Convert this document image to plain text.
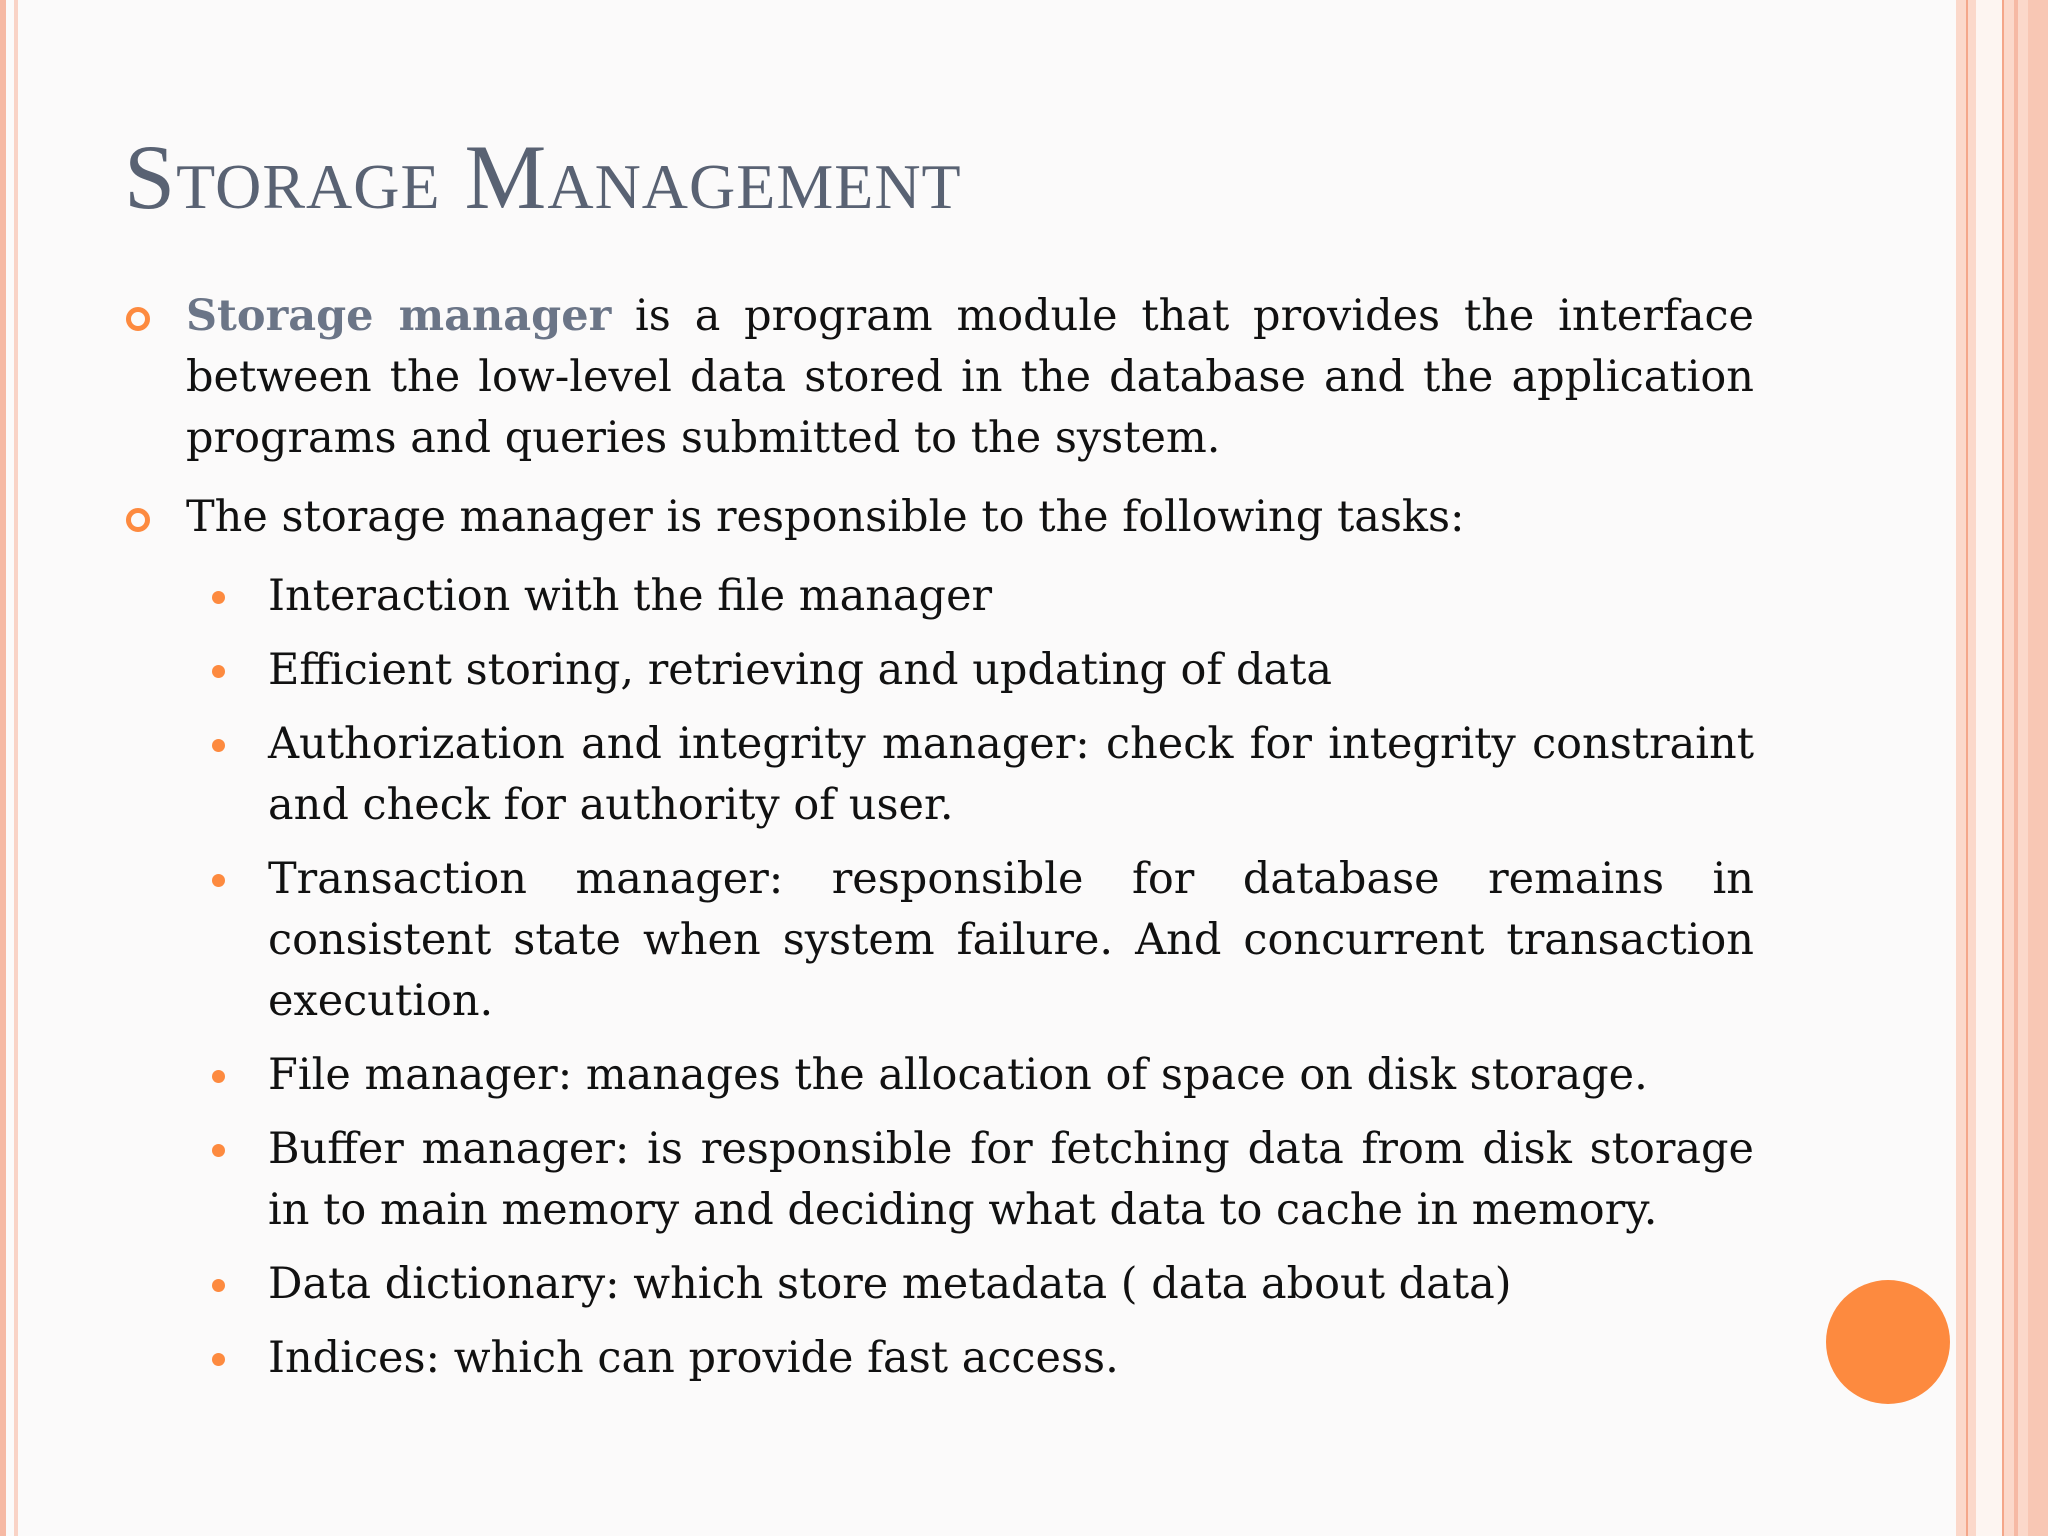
Storage Management
Storage manager is a program module that provides the interface between the low-level data stored in the database and the application programs and queries submitted to the system.
The storage manager is responsible to the following tasks:
Interaction with the file manager
Efficient storing, retrieving and updating of data
Authorization and integrity manager: check for integrity constraint and check for authority of user.
Transaction manager: responsible for database remains in consistent state when system failure. And concurrent transaction execution.
File manager: manages the allocation of space on disk storage.
Buffer manager: is responsible for fetching data from disk storage in to main memory and deciding what data to cache in memory.
Data dictionary: which store metadata ( data about data)
Indices: which can provide fast access.
